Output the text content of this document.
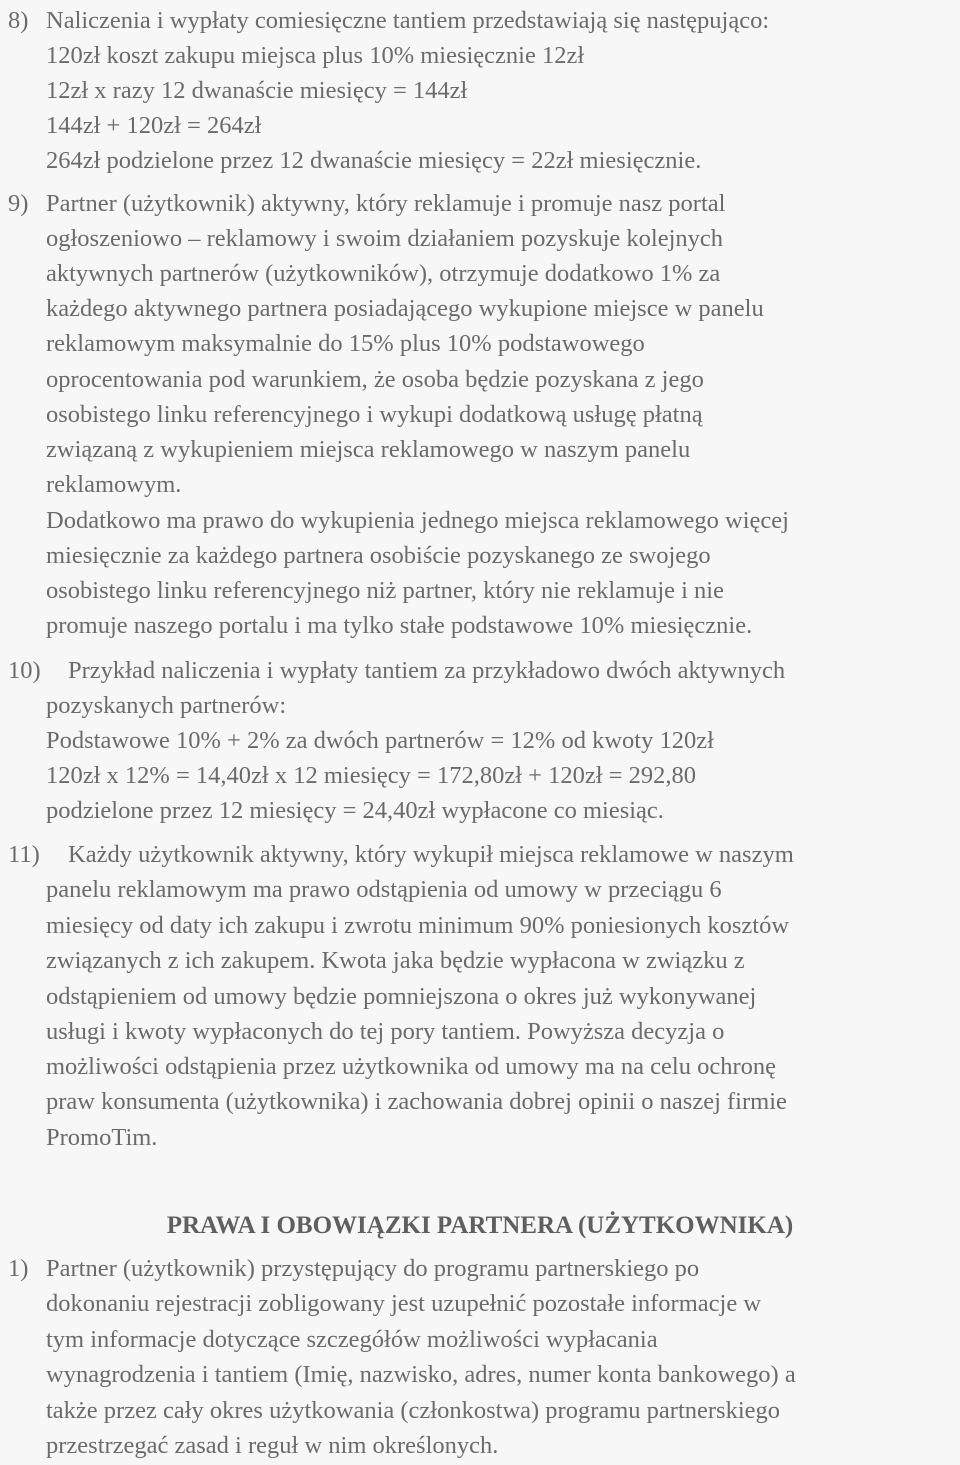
8) Naliczenia i wypłaty comiesięczne tantiem przedstawiają się następująco:
120zł koszt zakupu miejsca plus 10% miesięcznie 12zł
12zł x razy 12 dwanaście miesięcy = 144zł
144zł + 120zł = 264zł
264zł podzielone przez 12 dwanaście miesięcy = 22zł miesięcznie.
9) Partner (użytkownik) aktywny, który reklamuje i promuje nasz portal
ogłoszeniowo – reklamowy i swoim działaniem pozyskuje kolejnych
aktywnych partnerów (użytkowników), otrzymuje dodatkowo 1% za
każdego aktywnego partnera posiadającego wykupione miejsce w panelu
reklamowym maksymalnie do 15% plus 10% podstawowego
oprocentowania pod warunkiem, że osoba będzie pozyskana z jego
osobistego linku referencyjnego i wykupi dodatkową usługę płatną
związaną z wykupieniem miejsca reklamowego w naszym panelu
reklamowym.
Dodatkowo ma prawo do wykupienia jednego miejsca reklamowego więcej
miesięcznie za każdego partnera osobiście pozyskanego ze swojego
osobistego linku referencyjnego niż partner, który nie reklamuje i nie
promuje naszego portalu i ma tylko stałe podstawowe 10% miesięcznie.
10) Przykład naliczenia i wypłaty tantiem za przykładowo dwóch aktywnych
pozyskanych partnerów:
Podstawowe 10% + 2% za dwóch partnerów = 12% od kwoty 120zł
120zł x 12% = 14,40zł x 12 miesięcy = 172,80zł + 120zł = 292,80
podzielone przez 12 miesięcy = 24,40zł wypłacone co miesiąc.
11) Każdy użytkownik aktywny, który wykupił miejsca reklamowe w naszym
panelu reklamowym ma prawo odstąpienia od umowy w przeciągu 6
miesięcy od daty ich zakupu i zwrotu minimum 90% poniesionych kosztów
związanych z ich zakupem. Kwota jaka będzie wypłacona w związku z
odstąpieniem od umowy będzie pomniejszona o okres już wykonywanej
usługi i kwoty wypłaconych do tej pory tantiem. Powyższa decyzja o
możliwości odstąpienia przez użytkownika od umowy ma na celu ochronę
praw konsumenta (użytkownika) i zachowania dobrej opinii o naszej firmie
PromoTim.
PRAWA I OBOWIĄZKI PARTNERA (UŻYTKOWNIKA)
1) Partner (użytkownik) przystępujący do programu partnerskiego po
dokonaniu rejestracji zobligowany jest uzupełnić pozostałe informacje w
tym informacje dotyczące szczegółów możliwości wypłacania
wynagrodzenia i tantiem (Imię, nazwisko, adres, numer konta bankowego) a
także przez cały okres użytkowania (członkostwa) programu partnerskiego
przestrzegać zasad i reguł w nim określonych.
